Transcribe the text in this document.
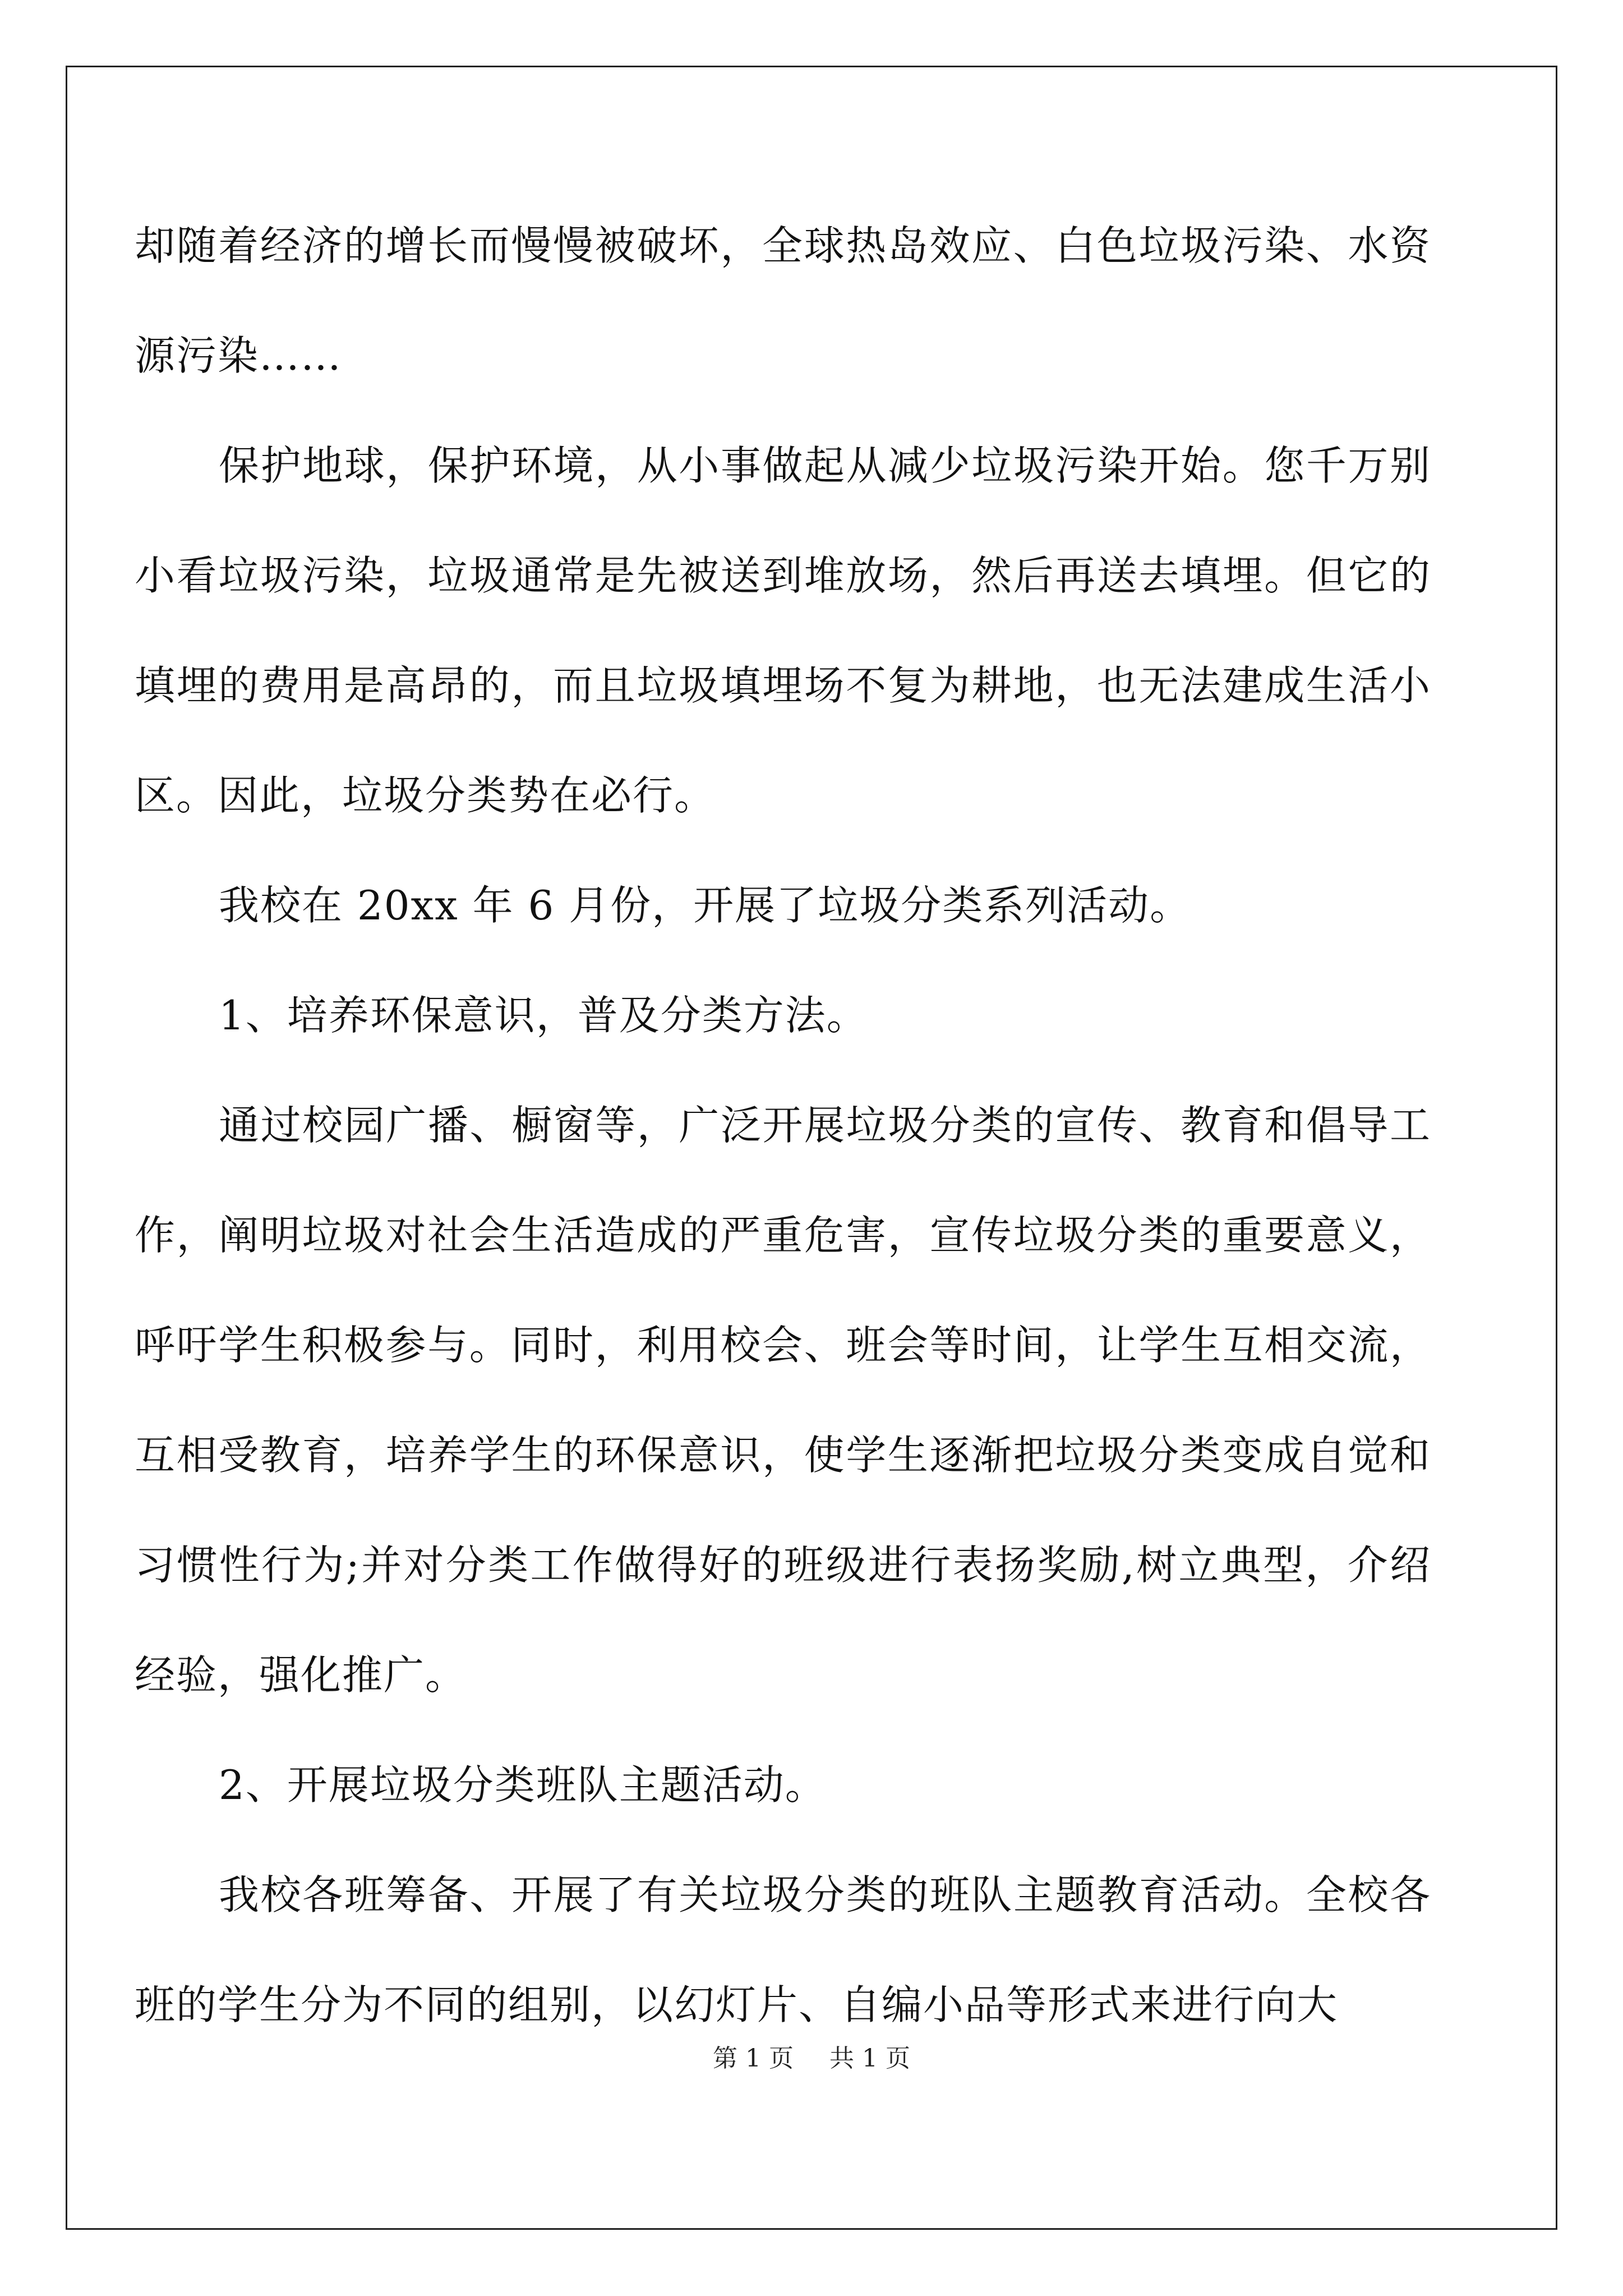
却随着经济的增长而慢慢被破坏，全球热岛效应、白色垃圾污染、水资源污染……

保护地球，保护环境，从小事做起从减少垃圾污染开始。您千万别小看垃圾污染，垃圾通常是先被送到堆放场，然后再送去填埋。但它的填埋的费用是高昂的，而且垃圾填埋场不复为耕地，也无法建成生活小区。因此，垃圾分类势在必行。

我校在 20xx 年 6 月份，开展了垃圾分类系列活动。

1、培养环保意识，普及分类方法。

通过校园广播、橱窗等，广泛开展垃圾分类的宣传、教育和倡导工作，阐明垃圾对社会生活造成的严重危害，宣传垃圾分类的重要意义，呼吁学生积极参与。同时，利用校会、班会等时间，让学生互相交流，互相受教育，培养学生的环保意识，使学生逐渐把垃圾分类变成自觉和习惯性行为;并对分类工作做得好的班级进行表扬奖励,树立典型，介绍经验，强化推广。

2、开展垃圾分类班队主题活动。

我校各班筹备、开展了有关垃圾分类的班队主题教育活动。全校各班的学生分为不同的组别，以幻灯片、自编小品等形式来进行向大

第 1 页 共 1 页
